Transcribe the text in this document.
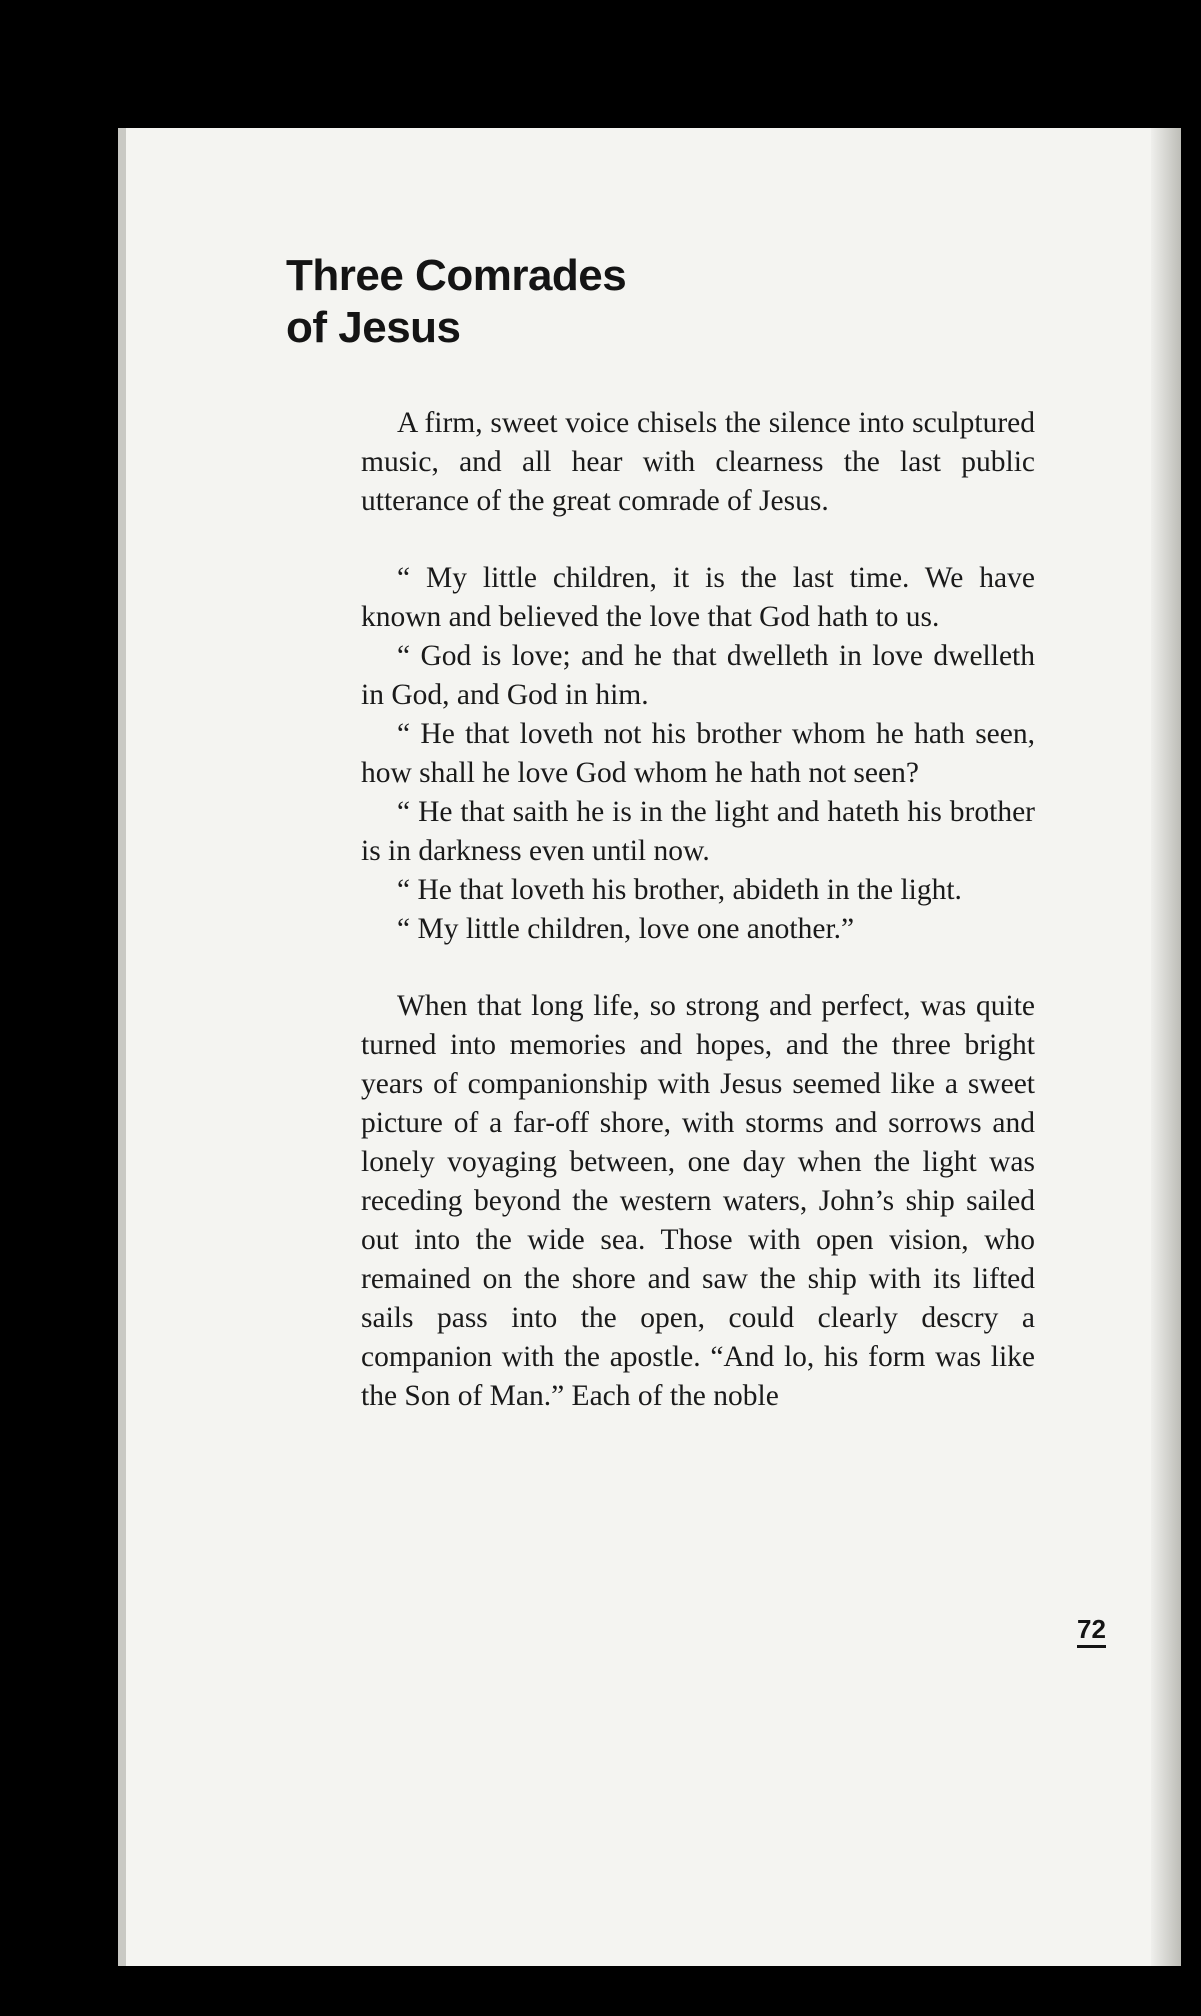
Three Comrades
of Jesus

A firm, sweet voice chisels the silence into sculptured music, and all hear with clearness the last public utterance of the great comrade of Jesus.

“ My little children, it is the last time. We have known and believed the love that God hath to us.

“ God is love; and he that dwelleth in love dwelleth in God, and God in him.

“ He that loveth not his brother whom he hath seen, how shall he love God whom he hath not seen?

“ He that saith he is in the light and hateth his brother is in darkness even until now.

“ He that loveth his brother, abideth in the light.

“ My little children, love one another.”

When that long life, so strong and perfect, was quite turned into memories and hopes, and the three bright years of companionship with Jesus seemed like a sweet picture of a far-off shore, with storms and sorrows and lonely voyaging between, one day when the light was receding beyond the western waters, John’s ship sailed out into the wide sea. Those with open vision, who remained on the shore and saw the ship with its lifted sails pass into the open, could clearly descry a companion with the apostle. “And lo, his form was like the Son of Man.” Each of the noble

72
